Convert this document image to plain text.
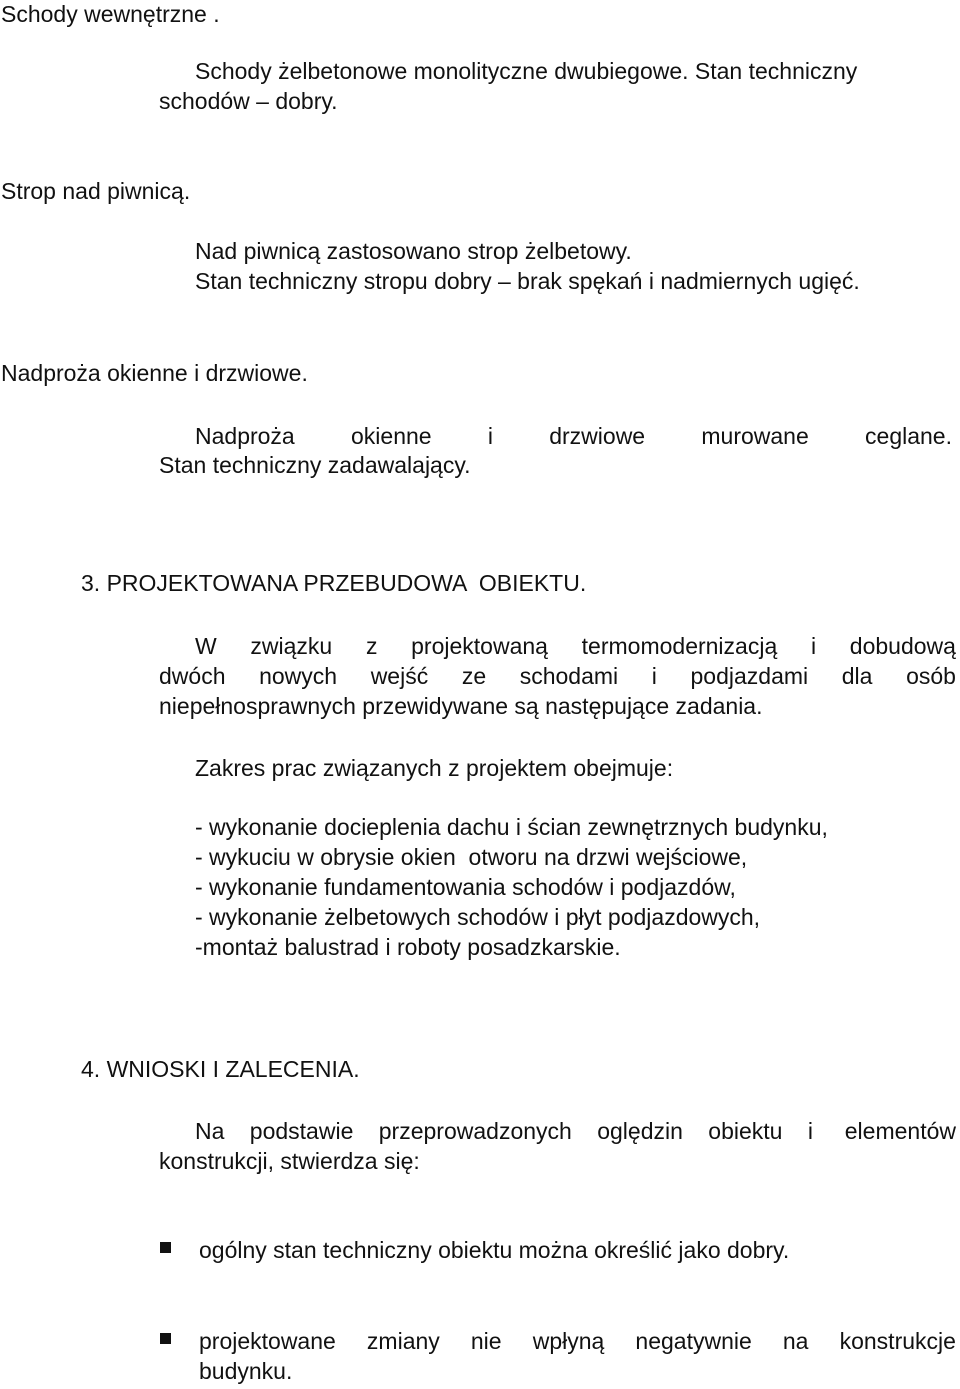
Schody wewnętrzne .

Schody żelbetonowe monolityczne dwubiegowe. Stan techniczny

schodów – dobry.

Strop nad piwnicą.

Nad piwnicą zastosowano strop żelbetowy.

Stan techniczny stropu dobry – brak spękań i nadmiernych ugięć.

Nadproża okienne i drzwiowe.

Nadproża okienne i drzwiowe murowane ceglane.

Stan techniczny zadawalający.

3. PROJEKTOWANA PRZEBUDOWA  OBIEKTU.

W związku z projektowaną termomodernizacją i dobudową
dwóch nowych wejść ze schodami i podjazdami dla osób

niepełnosprawnych przewidywane są następujące zadania.

Zakres prac związanych z projektem obejmuje:

- wykonanie docieplenia dachu i ścian zewnętrznych budynku,

- wykuciu w obrysie okien  otworu na drzwi wejściowe,

- wykonanie fundamentowania schodów i podjazdów,

- wykonanie żelbetowych schodów i płyt podjazdowych,

-montaż balustrad i roboty posadzkarskie.

4. WNIOSKI I ZALECENIA.

Na podstawie przeprowadzonych oględzin obiektu i elementów

konstrukcji, stwierdza się:

ogólny stan techniczny obiektu można określić jako dobry.

projektowane zmiany nie wpłyną negatywnie na konstrukcje

budynku.
